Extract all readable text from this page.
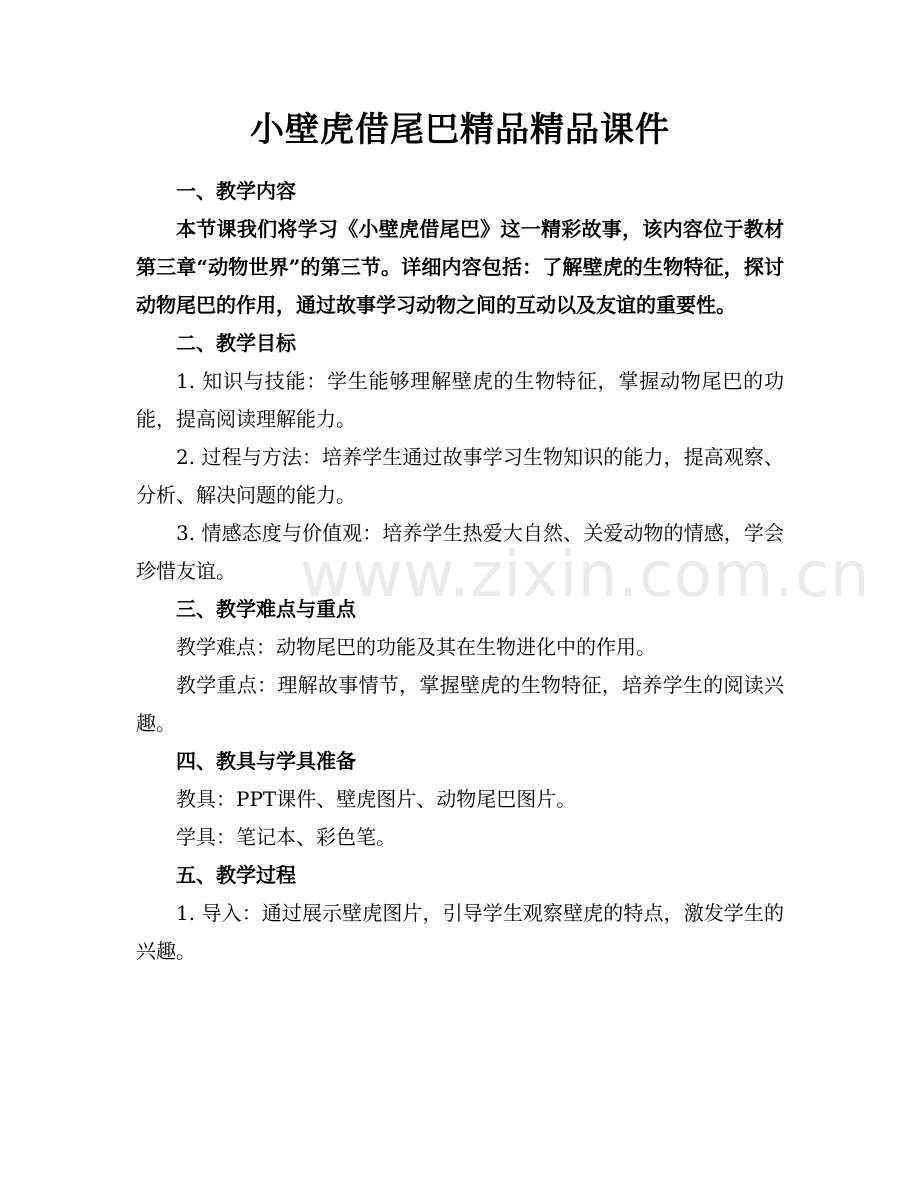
小壁虎借尾巴精品精品课件

一、教学内容

本节课我们将学习《小壁虎借尾巴》这一精彩故事，该内容位于教材第三章“动物世界”的第三节。详细内容包括：了解壁虎的生物特征，探讨动物尾巴的作用，通过故事学习动物之间的互动以及友谊的重要性。

二、教学目标

1. 知识与技能：学生能够理解壁虎的生物特征，掌握动物尾巴的功能，提高阅读理解能力。

2. 过程与方法：培养学生通过故事学习生物知识的能力，提高观察、分析、解决问题的能力。

3. 情感态度与价值观：培养学生热爱大自然、关爱动物的情感，学会珍惜友谊。

三、教学难点与重点

教学难点：动物尾巴的功能及其在生物进化中的作用。

教学重点：理解故事情节，掌握壁虎的生物特征，培养学生的阅读兴趣。

四、教具与学具准备

教具：PPT课件、壁虎图片、动物尾巴图片。

学具：笔记本、彩色笔。

五、教学过程

1. 导入：通过展示壁虎图片，引导学生观察壁虎的特点，激发学生的兴趣。

www.zixin.com.cn
